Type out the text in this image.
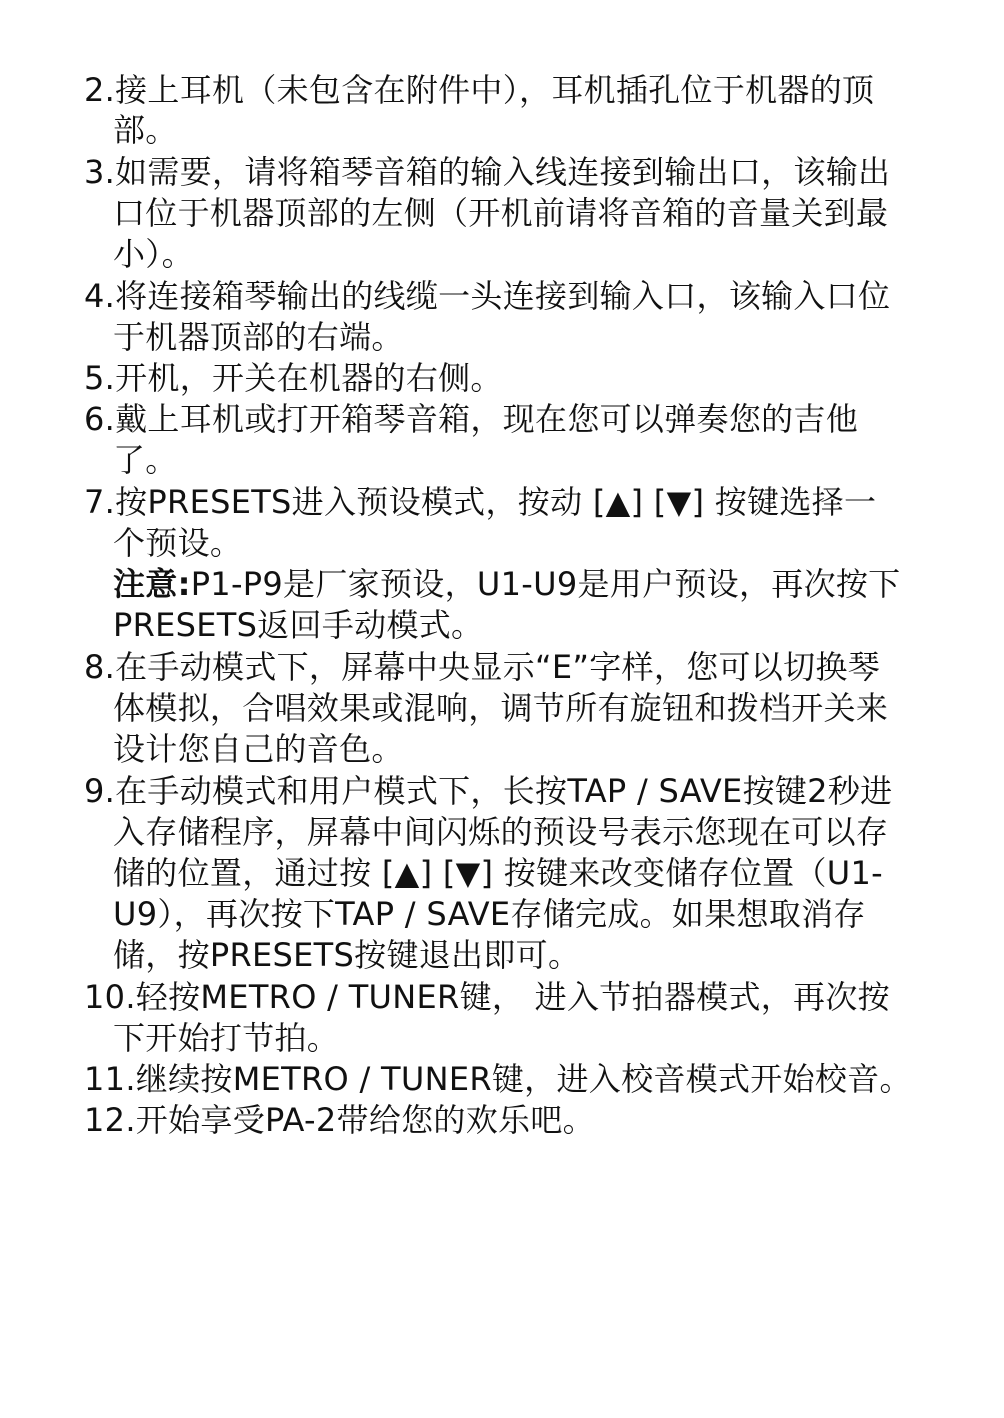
2.接上耳机（未包含在附件中），耳机插孔位于机器的顶
部。
3.如需要，请将箱琴音箱的输入线连接到输出口，该输出
口位于机器顶部的左侧（开机前请将音箱的音量关到最
小）。
4.将连接箱琴输出的线缆一头连接到输入口，该输入口位
于机器顶部的右端。
5.开机，开关在机器的右侧。
6.戴上耳机或打开箱琴音箱，现在您可以弹奏您的吉他
了。
7.按PRESETS进入预设模式，按动 [▲] [▼] 按键选择一
个预设。
注意:P1-P9是厂家预设，U1-U9是用户预设，再次按下
PRESETS返回手动模式。
8.在手动模式下，屏幕中央显示“E”字样，您可以切换琴
体模拟，合唱效果或混响，调节所有旋钮和拨档开关来
设计您自己的音色。
9.在手动模式和用户模式下，长按TAP / SAVE按键2秒进
入存储程序，屏幕中间闪烁的预设号表示您现在可以存
储的位置，通过按 [▲] [▼] 按键来改变储存位置（U1-
U9），再次按下TAP / SAVE存储完成。如果想取消存
储，按PRESETS按键退出即可。
10.轻按METRO / TUNER键， 进入节拍器模式，再次按
下开始打节拍。
11.继续按METRO / TUNER键，进入校音模式开始校音。
12.开始享受PA-2带给您的欢乐吧。
